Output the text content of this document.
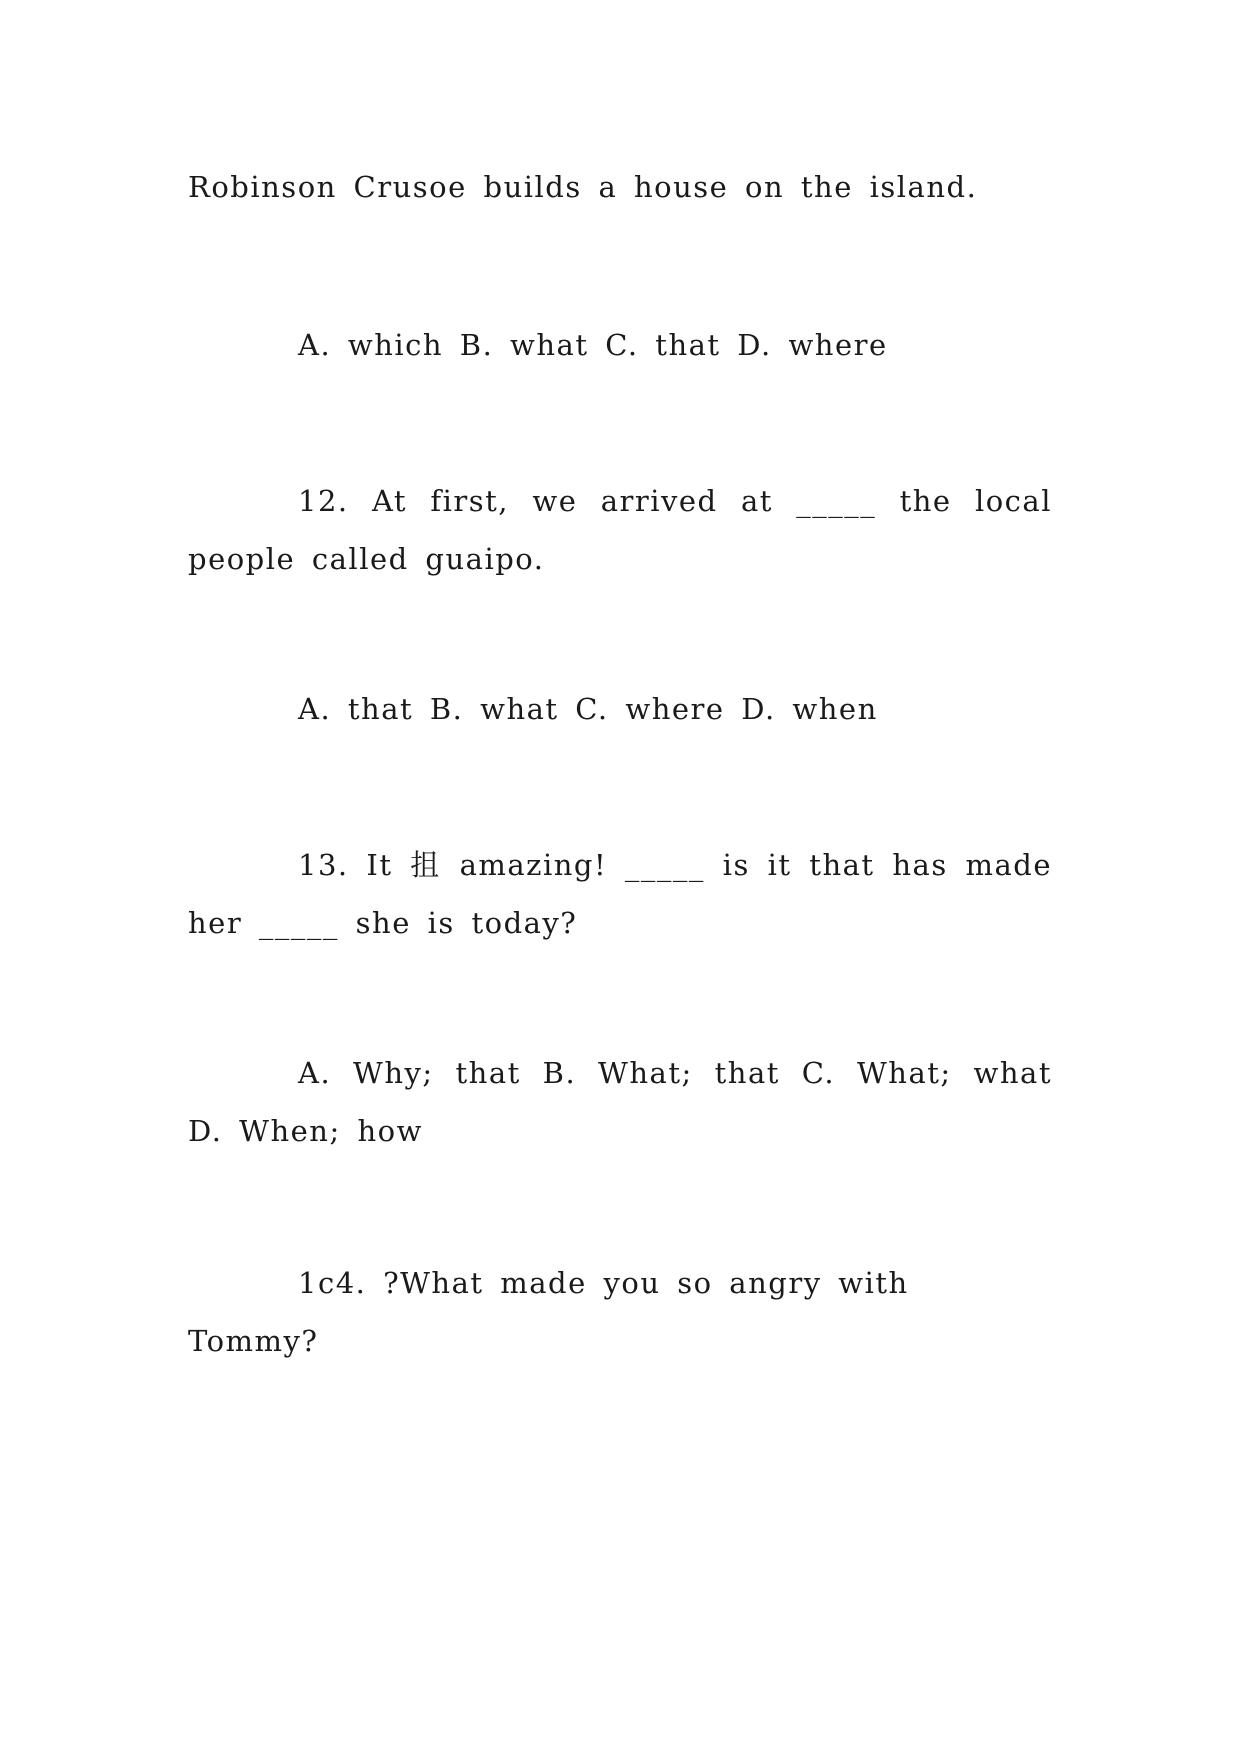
Robinson Crusoe builds a house on the island.

A. which B. what C. that D. where

12. At first, we arrived at _____ the local people called guaipo.

A. that B. what C. where D. when

13. It 抯 amazing! _____ is it that has made her _____ she is today?

A. Why; that B. What; that C. What; what D. When; how

1c4. ?What made you so angry with Tommy?
